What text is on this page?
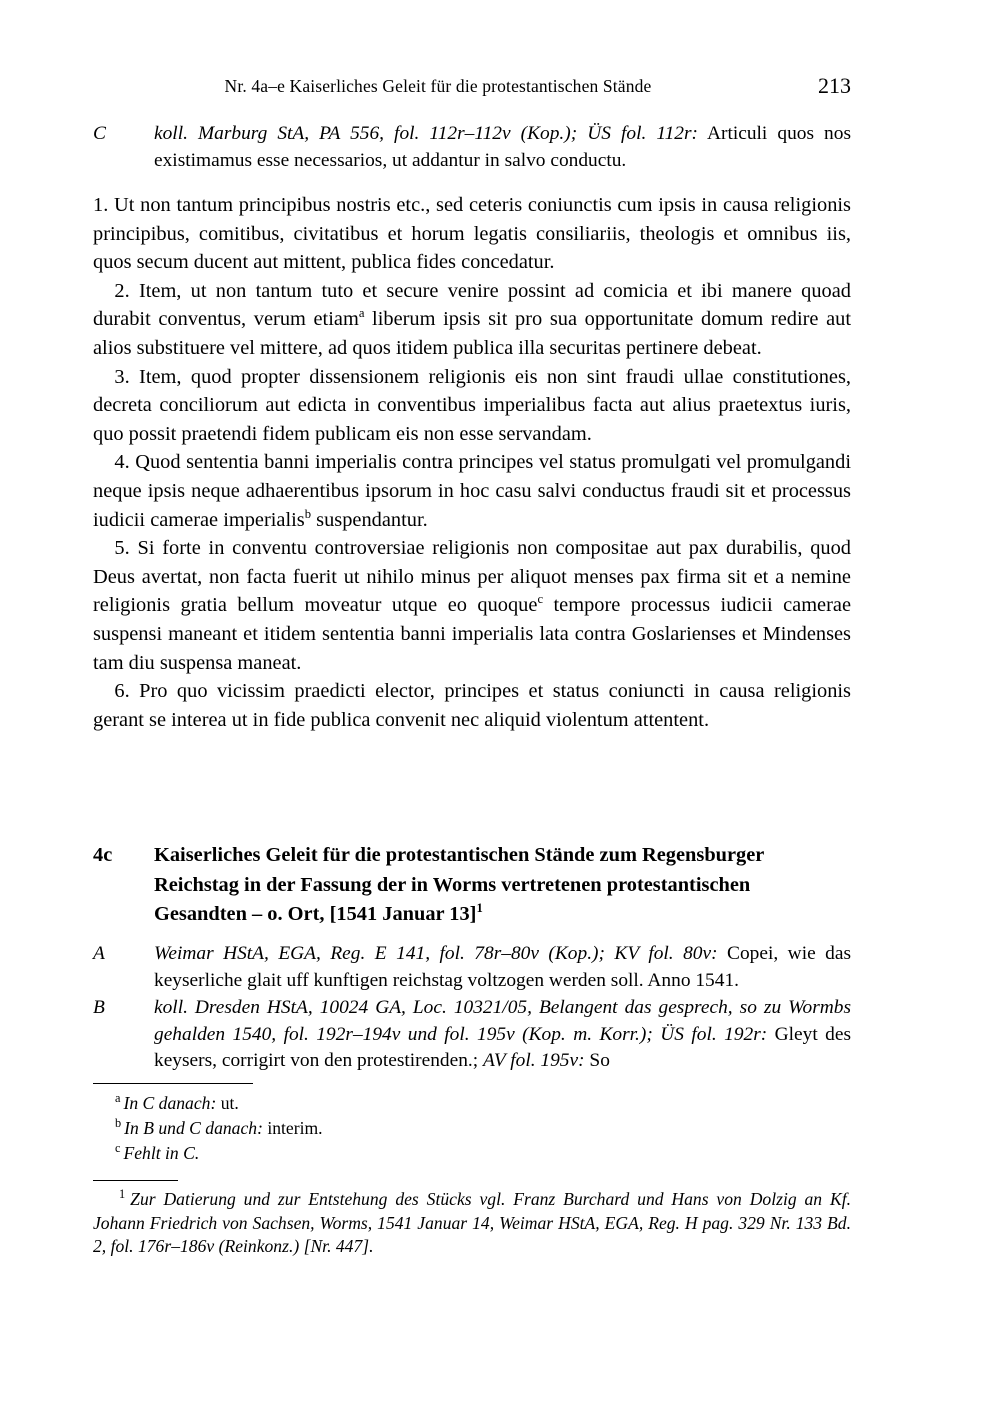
Nr. 4a–e Kaiserliches Geleit für die protestantischen Stände	213
C	koll. Marburg StA, PA 556, fol. 112r–112v (Kop.); ÜS fol. 112r: Articuli quos nos existimamus esse necessarios, ut addantur in salvo conductu.

1. Ut non tantum principibus nostris etc., sed ceteris coniunctis cum ipsis in causa religionis principibus, comitibus, civitatibus et horum legatis consiliariis, theologis et omnibus iis, quos secum ducent aut mittent, publica fides concedatur.

2. Item, ut non tantum tuto et secure venire possint ad comicia et ibi manere quoad durabit conventus, verum etiam$^a$ liberum ipsis sit pro sua opportunitate domum redire aut alios substituere vel mittere, ad quos itidem publica illa securitas pertinere debeat.

3. Item, quod propter dissensionem religionis eis non sint fraudi ullae constitutiones, decreta conciliorum aut edicta in conventibus imperialibus facta aut alius praetextus iuris, quo possit praetendi fidem publicam eis non esse servandam.

4. Quod sententia banni imperialis contra principes vel status promulgati vel promulgandi neque ipsis neque adhaerentibus ipsorum in hoc casu salvi conductus fraudi sit et processus iudicii camerae imperialis$^b$ suspendantur.

5. Si forte in conventu controversiae religionis non compositae aut pax durabilis, quod Deus avertat, non facta fuerit ut nihilo minus per aliquot menses pax firma sit et a nemine religionis gratia bellum moveatur utque eo quoque$^c$ tempore processus iudicii camerae suspensi maneant et itidem sententia banni imperialis lata contra Goslarienses et Mindenses tam diu suspensa maneat.

6. Pro quo vicissim praedicti elector, principes et status coniuncti in causa religionis gerant se interea ut in fide publica convenit nec aliquid violentum attentent.

4c	Kaiserliches Geleit für die protestantischen Stände zum Regensburger
Reichstag in der Fassung der in Worms vertretenen protestantischen
Gesandten – o. Ort, [1541 Januar 13]$^1$
A	Weimar HStA, EGA, Reg. E 141, fol. 78r–80v (Kop.); KV fol. 80v: Copei, wie das keyserliche glait uff kunftigen reichstag voltzogen werden soll. Anno 1541.
B	koll. Dresden HStA, 10024 GA, Loc. 10321/05, Belangent das gesprech, so zu Wormbs gehalden 1540, fol. 192r–194v und fol. 195v (Kop. m. Korr.); ÜS fol. 192r: Gleyt des keysers, corrigirt von den protestirenden.; AV fol. 195v: So
$^a$ In C danach: ut.
$^b$ In B und C danach: interim.
$^c$ Fehlt in C.

$^1$ Zur Datierung und zur Entstehung des Stücks vgl. Franz Burchard und Hans von Dolzig an Kf. Johann Friedrich von Sachsen, Worms, 1541 Januar 14, Weimar HStA, EGA, Reg. H pag. 329 Nr. 133 Bd. 2, fol. 176r–186v (Reinkonz.) [Nr. 447].
